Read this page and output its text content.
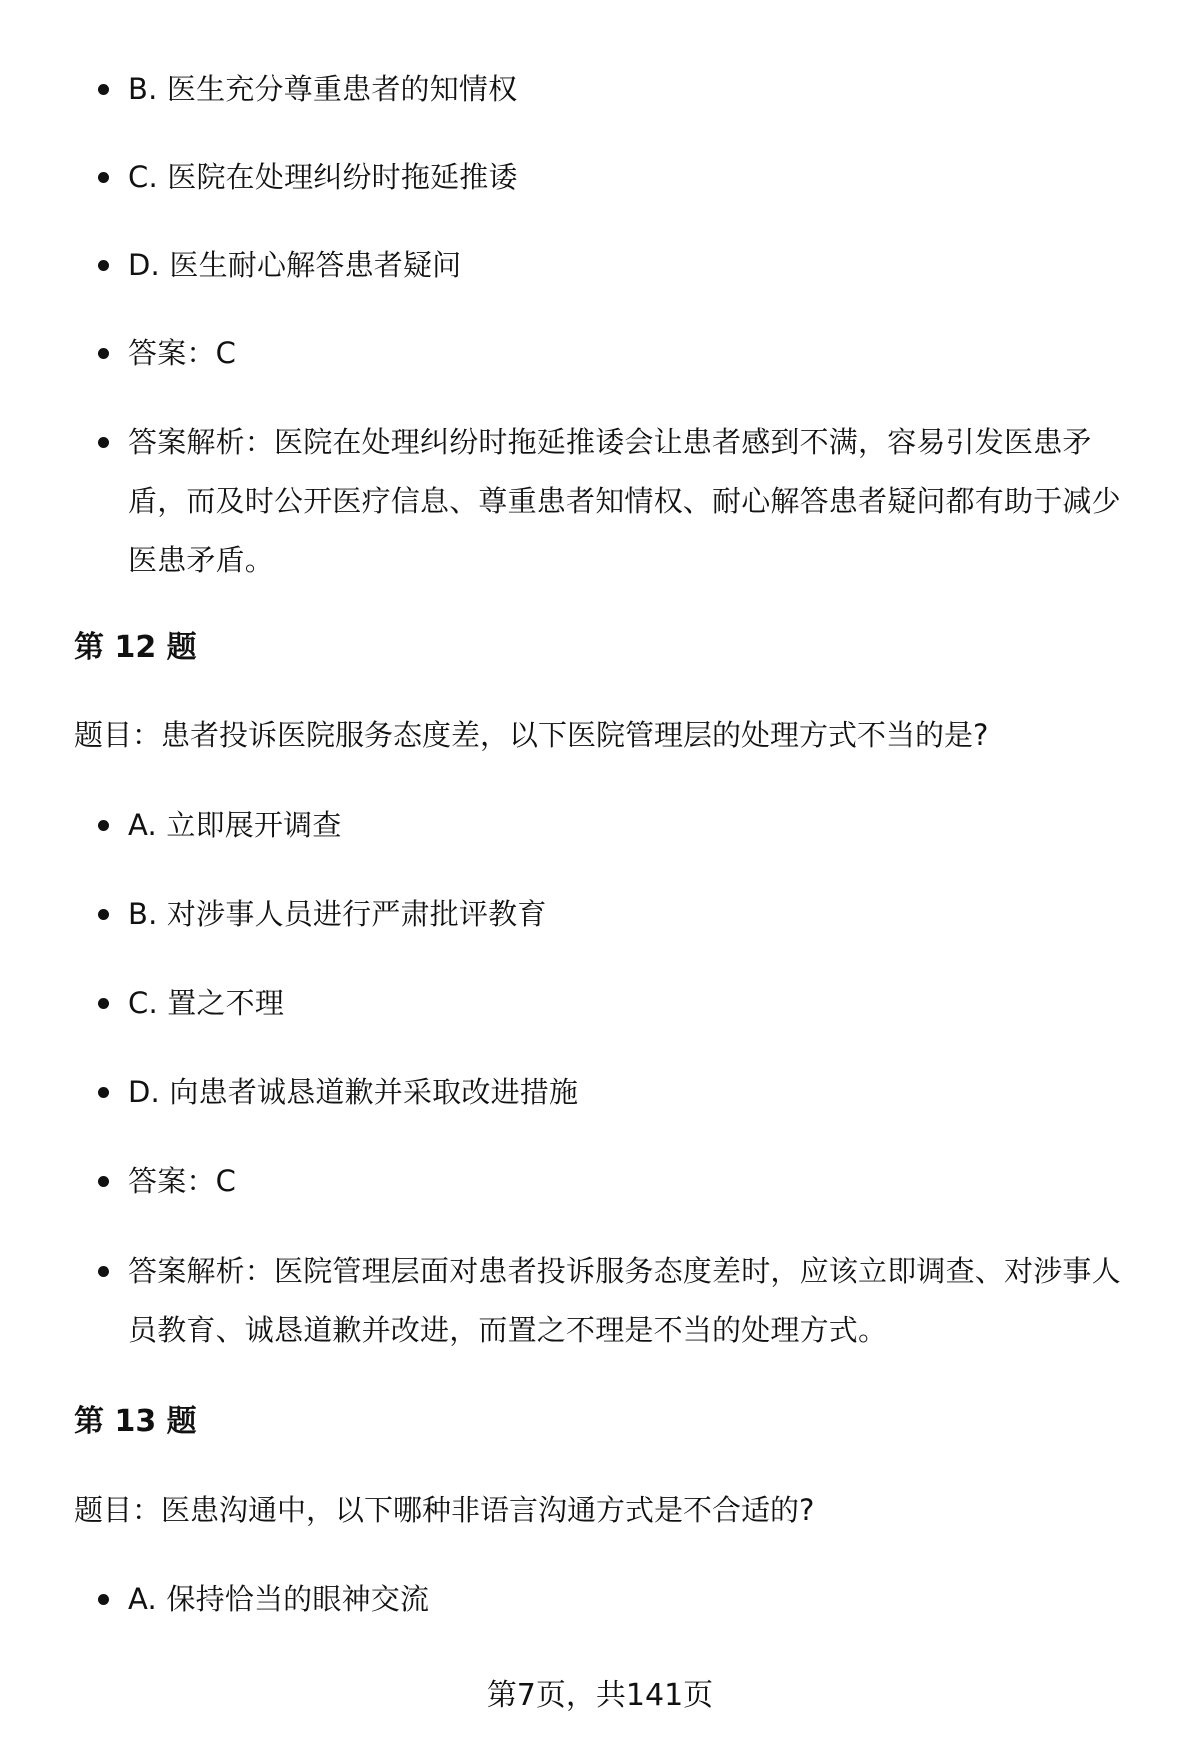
B. 医生充分尊重患者的知情权
C. 医院在处理纠纷时拖延推诿
D. 医生耐心解答患者疑问
答案：C
答案解析：医院在处理纠纷时拖延推诿会让患者感到不满，容易引发医患矛盾，而及时公开医疗信息、尊重患者知情权、耐心解答患者疑问都有助于减少医患矛盾。
第 12 题
题目：患者投诉医院服务态度差，以下医院管理层的处理方式不当的是?
A. 立即展开调查
B. 对涉事人员进行严肃批评教育
C. 置之不理
D. 向患者诚恳道歉并采取改进措施
答案：C
答案解析：医院管理层面对患者投诉服务态度差时，应该立即调查、对涉事人员教育、诚恳道歉并改进，而置之不理是不当的处理方式。
第 13 题
题目：医患沟通中，以下哪种非语言沟通方式是不合适的?
A. 保持恰当的眼神交流
第7页，共141页
